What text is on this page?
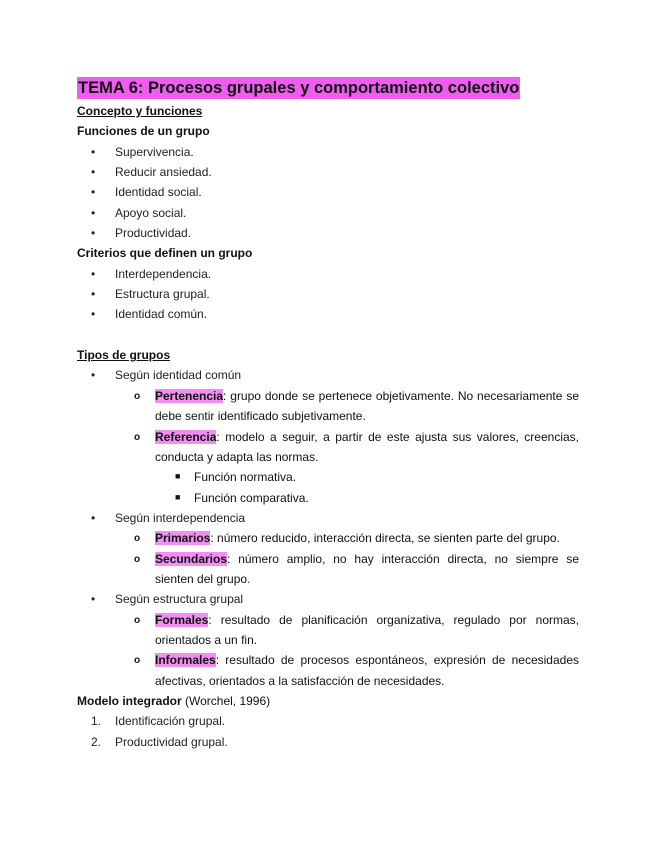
TEMA 6: Procesos grupales y comportamiento colectivo
Concepto y funciones
Funciones de un grupo
• Supervivencia.
• Reducir ansiedad.
• Identidad social.
• Apoyo social.
• Productividad.
Criterios que definen un grupo
• Interdependencia.
• Estructura grupal.
• Identidad común.
Tipos de grupos
• Según identidad común
o Pertenencia: grupo donde se pertenece objetivamente. No necesariamente se debe sentir identificado subjetivamente.
o Referencia: modelo a seguir, a partir de este ajusta sus valores, creencias, conducta y adapta las normas.
■ Función normativa.
■ Función comparativa.
• Según interdependencia
o Primarios: número reducido, interacción directa, se sienten parte del grupo.
o Secundarios: número amplio, no hay interacción directa, no siempre se sienten del grupo.
• Según estructura grupal
o Formales: resultado de planificación organizativa, regulado por normas, orientados a un fin.
o Informales: resultado de procesos espontáneos, expresión de necesidades afectivas, orientados a la satisfacción de necesidades.
Modelo integrador (Worchel, 1996)
1. Identificación grupal.
2. Productividad grupal.
